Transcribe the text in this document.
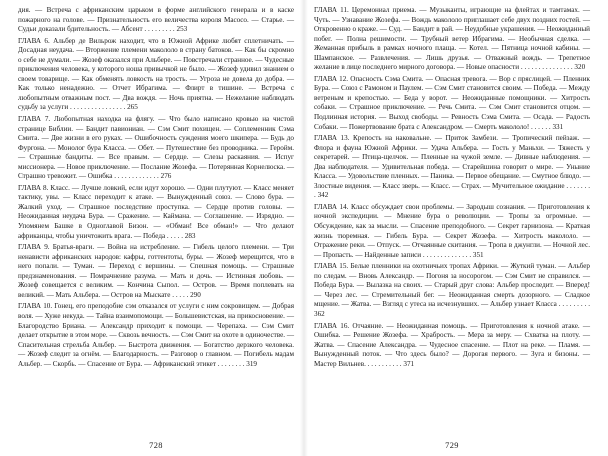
дия. — Встреча с африканским царьком в форме английского генерала и в каске пожарного на голове. — Признательность его величества короля Macoco. — Старье. — Судьи доказали бдительность. — Абсент . . . . . . . . . 253

ГЛАВА 6. Альбер де Вильрож находит, что в Южной Африке любят сплетничать. — Досадная неудача. — Вторжение племени макололо в страну батоков. — Как бы скромно о себе не думали. — Жозеф оказался при Альбере. — Повстречали странное. — Чудесные приключения человека, у которого ноша привычкой не было. — Жозеф удивил знанием о своем товарище. — Как обменять ловкость на трость. — Угроза не довела до добра. — Как только ненадежно. — Отчет Ибрагима. — Флирт в тишине. — Встреча с любопытным отважным пост. — Два вождя. — Ночь приятна. — Нежелание наблюдать судьбу за услуги . . . . . . . . . . . . . . . . 265

ГЛАВА 7. Любопытная находка на флягу. — Что было написано кровью на чистой странице Библии. — Бандит павиониан. — Сэм Смит похищен. — Соплеменник Сэма Смита. — Две жизни в его руках. — Ошибочность суждения моего шкипера. — Будь до Фургона. — Монолог бура Класса. — Обет. — Путешествие без проводника. — Геройм. — Страшные бандиты. — Все правым. — Сердце. — Слезы раскаяния. — Испуг миссионера. — Новое приключение. — Послание Жозефа. — Потерянная Корнелюска. — Страшно тревожит. — Ошибка . . . . . . . . . . . . . 276

ГЛАВА 8. Класс. — Лучше ловкий, если идут хорошо. — Одни плутуют. — Класс меняет тактику, увы. — Класс переходит к атаке. — Вынужденный союз. — Слово бура. — Жалкий уход. — Страшное последствие проступка. — Сердце против головы. — Неожиданная неудача Бура. — Сражение. — Каймана. — Соглашение. — Изрядно. — Упомянем Башке в Одноглавой Бизон. — «Обман! Все обман!» — Что делают африканцы, чтобы уничтожить врага. — Победа . . . . . 283

ГЛАВА 9. Братья-враги. — Война на истребление. — Гибель целого племени. — Три ненависти африканских народов: кафры, готтентоты, буры. — Жозеф мерещится, что в него попали. — Туман. — Переход с вершины. — Спешная помощь. — Страшные предзнаменования. — Помрачнение разума. — Мать и дочь. — Истинная любовь. — Жозеф совещается с великим. — Кончина Сыпол. — Остров. — Время поплевать на великий. — Мать Альбера. — Остров на Мыскате . . . . . 290

ГЛАВА 10. Гонец, его преподобие сэм отказался от услуги с ним сокровищем. — Добрая воля. — Хуже некуда. — Тайна взаимопомощи. — Большевистская, на прикосновение. — Благородство Бриана. — Александр приходит к помощи. — Черепаха. — Сэм Смит делает открытие в этом море. — Сквозь вечность. — Сэм Смит на охоте в одиночестве. — Спасительная стрельба Альбер. — Быстрота движения. — Богатство дерзкого человека. — Жозеф следит за огнём. — Благодарность. — Разговор о главном. — Погибель мадам Альбер. — Скорбь. — Спасение от Бура. — Африканский этикет . . . . . . . . 319

728

ГЛАВА 11. Церемониал приема. — Музыканты, играющие на флейтах и тамтамах. — Чуть. — Узнавание Жозефа. — Вождь макололо приглашает себе двух поздних гостей. — Откровенно о краже. — Суд. — Бандит в рай. — Неудобные украшения. — Неожиданный побег. — Полна решимости. — Трубный ветер Ибрагима. — Необычная сделка. — Жеманная прибыль в рамках ночного плаща. — Котел. — Пятница ночной кабины. — Шампанское. — Развлечения. — Лишь друзья. — Отважный вождь. — Трепетное желание в лице последнего мирного договора. — Новые опасности . . . . . . . . . . . . . . . 320

ГЛАВА 12. Опасность Сэма Смита. — Опасная тревога. — Вор с пряслицей. — Пленник Бура. — Союз с Рамоном и Паулем. — Сэм Смит становится своим. — Победа. — Между ветреным и крепостью. — Беда у ворот. — Неожиданные помощники. — Хитрость собаки. — Страшное приключение. — Речь Смита. — Сэм Смит становится отцом. — Подлинная история. — Выход свободы. — Ревность Сэма Смита. — Осада. — Радость Собаки. — Пожертвование брата с Александром. — Смерть макололо! . . . . . . 331

ГЛАВА 13. Крепость на наковальне. — Приток Замбези. — Тропический пейзаж. — Флора и фауна Южной Африки. — Удача Альбера. — Гость у Маньхи. — Тяжесть у секретарей. — Птица-щелчок. — Пленные на чужой земле. — Дивные наблюдения. — Два наблюдателя. — Удивительная победа. — Старейшина говорит о мире. — Уныние Класса. — Удовольствие пленных. — Паника. — Первое обещание. — Смутное блюдо. — Злостные видения. — Класс зверь. — Класс. — Страх. — Мучительное ожидание . . . . . . . . 342

ГЛАВА 14. Класс обсуждает свои проблемы. — Зародыш сознания. — Приготовления к ночной экспедиции. — Мнение бура о революции. — Тропы за огромные. — Обсуждение, как за мысли. — Спасение преподобного. — Секрет гарнизона. — Краткая жизнь тюремная. — Гибель Бура. — Секрет Жозефа. — Хитрость макололо. — Отражение реки. — Отпуск. — Отчаянные скитания. — Тропа в джунгли. — Ночной лес. — Пропасть. — Найденные записи . . . . . . . . . . . . . . 351

ГЛАВА 15. Белые пленники на охотничьих тропах Африки. — Жуткий туман. — Альбер по следам. — Вновь Александр. — Погоня за носорогом. — Сэм Смит не справился. — Победа Бура. — Вылазка на своих. — Старый друг слова: Альбер проследит. — Вперед! — Через лес. — Стремительный бег. — Неожиданная смерть дозорного. — Сладкое мщение. — Жатва. — Взгляд с утеса на исчезнувших. — Альбер узнает Класса . . . . . . . . . 362

ГЛАВА 16. Отчаяние. — Неожиданная помощь. — Приготовления к ночной атаке. — Ошибка. — Решение Жозефа. — Храбрость. — Мера за меру. — Схватка на плоту. — Жатва. — Спасение Александра. — Чудесное спасение. — Плот на реке. — Пламя. — Вынужденный поток. — Что здесь было? — Дорогая первого. — Зуга и бизоны. — Мастер Вильнев. . . . . . . . . . . 371

729
